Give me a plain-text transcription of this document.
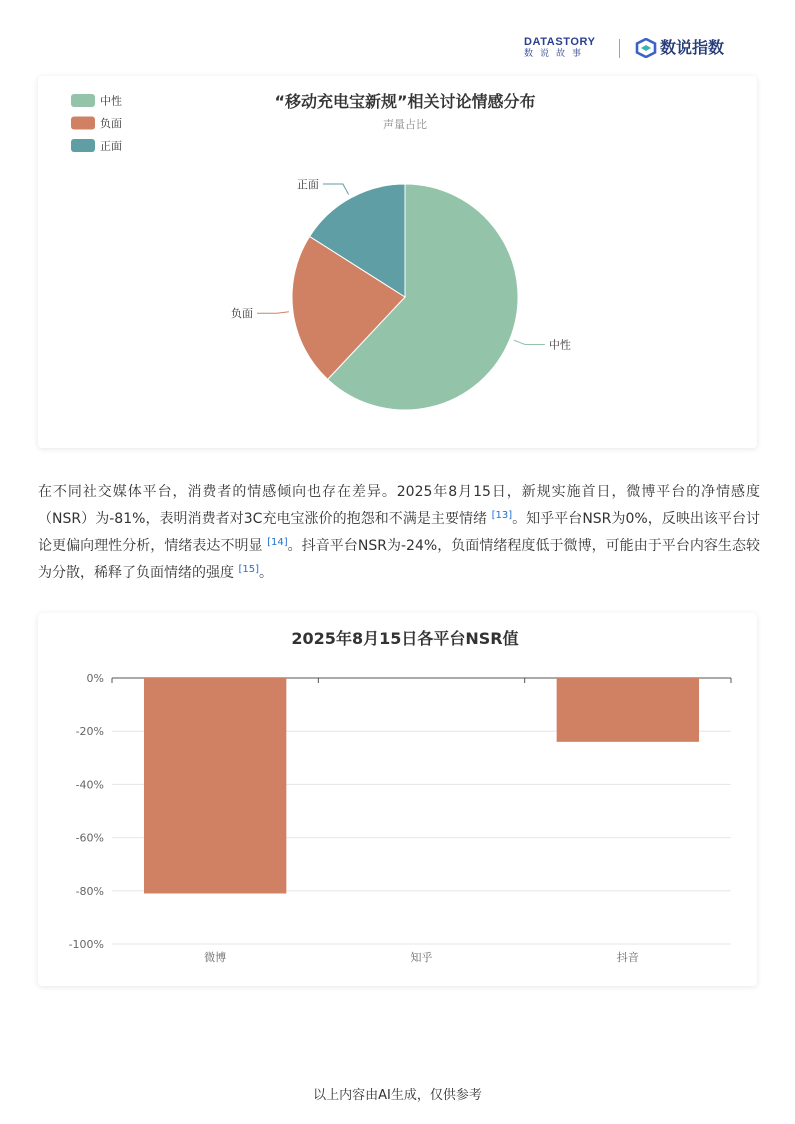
DATASTORY
数说故事	数说指数
“移动充电宝新规”相关讨论情感分布
声量占比
中性
负面
正面
中性
负面
正面

在不同社交媒体平台，消费者的情感倾向也存在差异。2025年8月15日，新规实施首日，微博平台的净情感度（NSR）为-81%，表明消费者对3C充电宝涨价的抱怨和不满是主要情绪 [13]。知乎平台NSR为0%，反映出该平台讨论更偏向理性分析，情绪表达不明显 [14]。抖音平台NSR为-24%，负面情绪程度低于微博，可能由于平台内容生态较为分散，稀释了负面情绪的强度 [15]。

2025年8月15日各平台NSR值
0%
-20%
-40%
-60%
-80%
-100%
微博	知乎	抖音
以上内容由AI生成，仅供参考
